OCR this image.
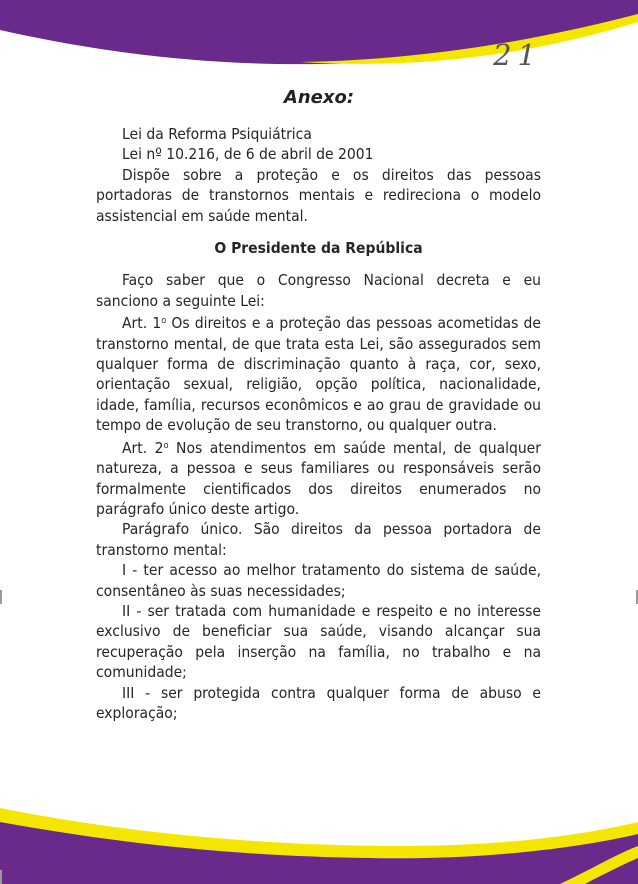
21
Anexo:

Lei da Reforma Psiquiátrica

Lei nº 10.216, de 6 de abril de 2001

Dispõe sobre a proteção e os direitos das pessoas portadoras de transtornos mentais e redireciona o modelo assistencial em saúde mental.

O Presidente da República

Faço saber que o Congresso Nacional decreta e eu sanciono a seguinte Lei:

Art. 1$^o$ Os direitos e a proteção das pessoas acometidas de transtorno mental, de que trata esta Lei, são assegurados sem qualquer forma de discriminação quanto à raça, cor, sexo, orientação sexual, religião, opção política, nacionalidade, idade, família, recursos econômicos e ao grau de gravidade ou tempo de evolução de seu transtorno, ou qualquer outra.

Art. 2$^o$ Nos atendimentos em saúde mental, de qualquer natureza, a pessoa e seus familiares ou responsáveis serão formalmente cientificados dos direitos enumerados no parágrafo único deste artigo.

Parágrafo único. São direitos da pessoa portadora de transtorno mental:

I - ter acesso ao melhor tratamento do sistema de saúde, consentâneo às suas necessidades;

II - ser tratada com humanidade e respeito e no interesse exclusivo de beneficiar sua saúde, visando alcançar sua recuperação pela inserção na família, no trabalho e na comunidade;

III - ser protegida contra qualquer forma de abuso e exploração;
